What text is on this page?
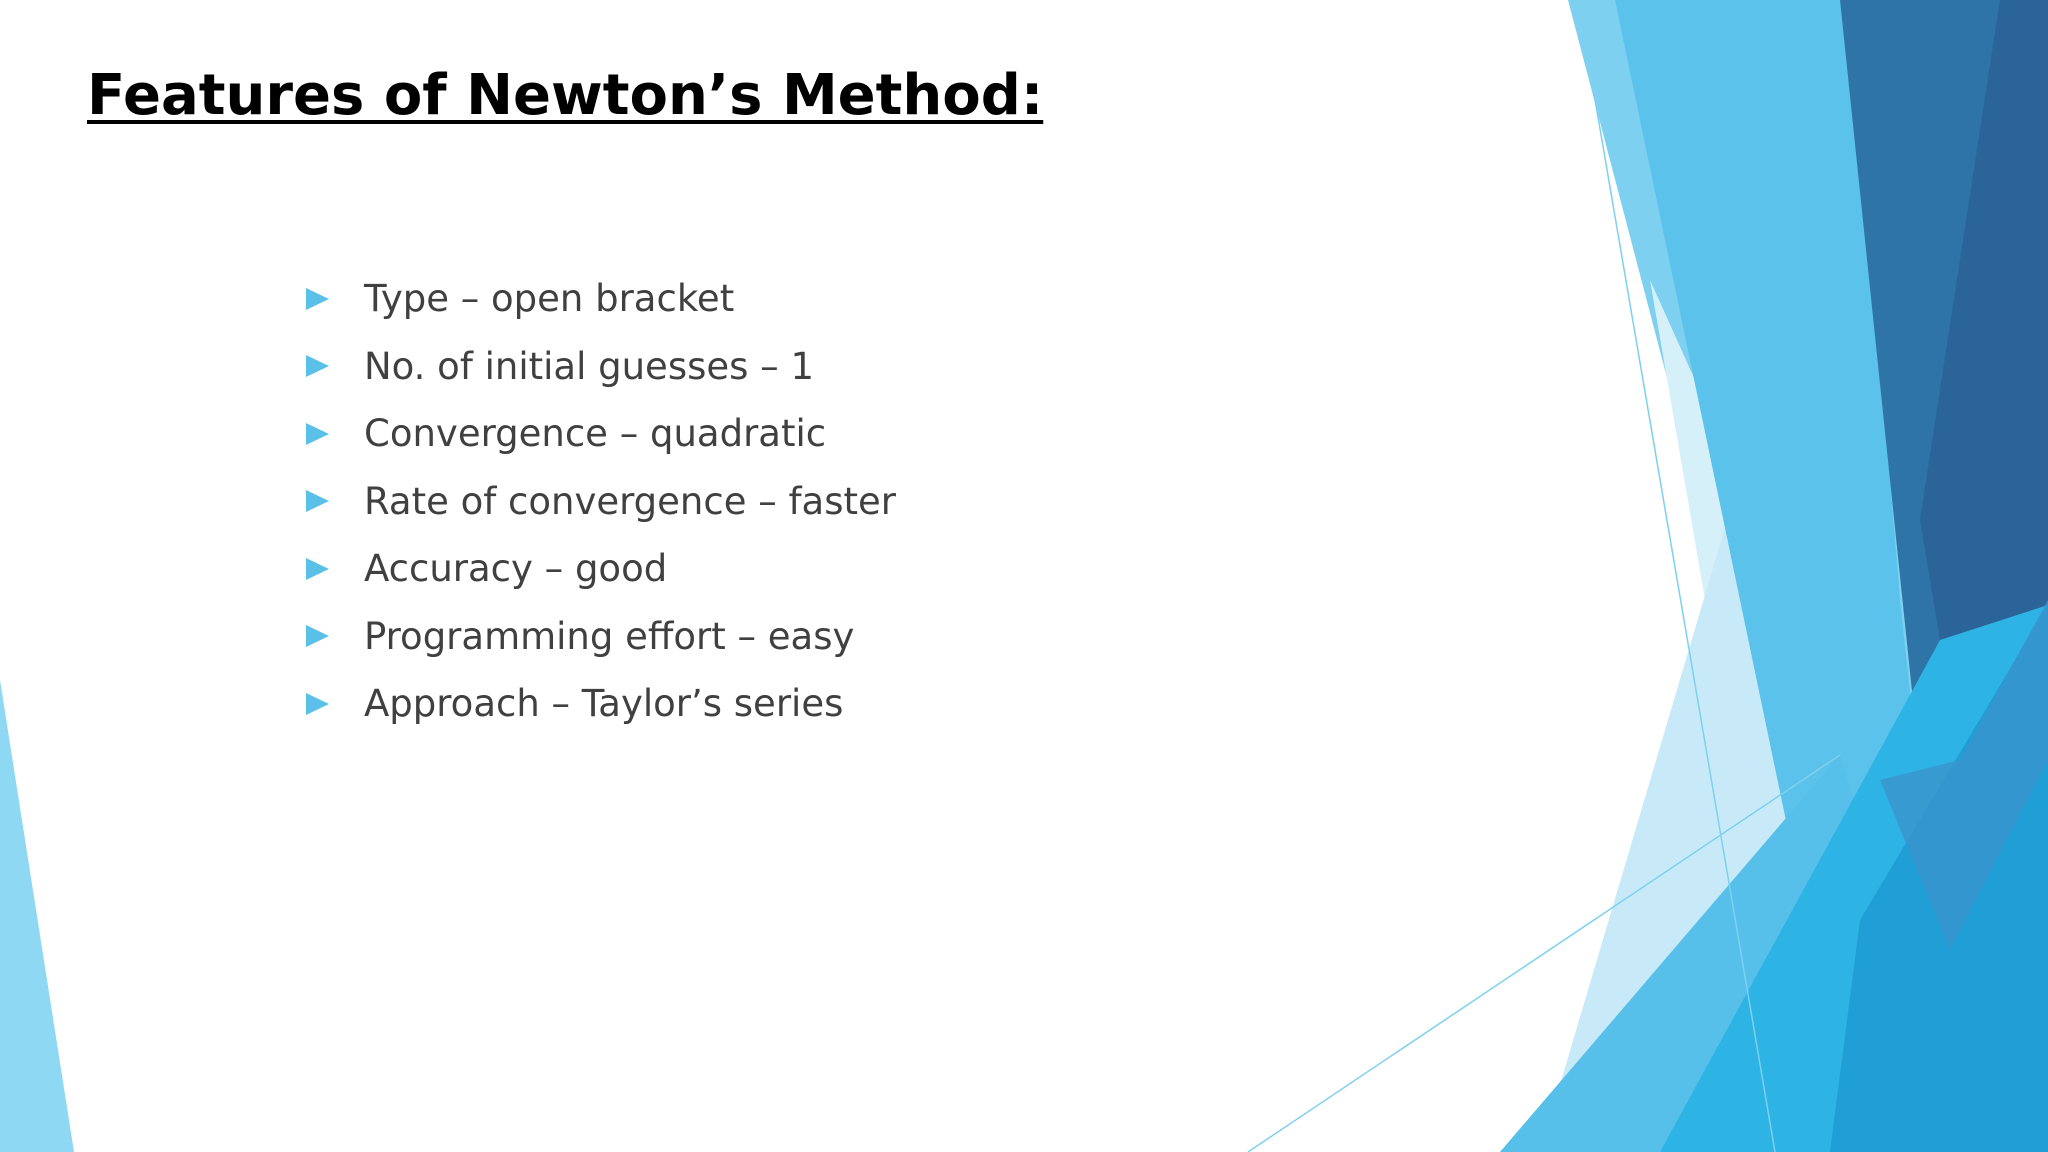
Features of Newton’s Method:
Type – open bracket
No. of initial guesses – 1
Convergence – quadratic
Rate of convergence – faster
Accuracy – good
Programming effort – easy
Approach – Taylor’s series
